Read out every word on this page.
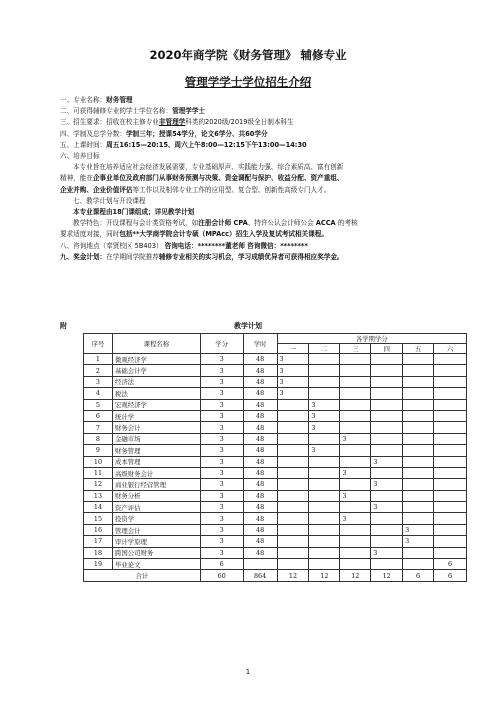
2020年商学院《财务管理》 辅修专业
管理学学士学位招生介绍
一、专业名称：财务管理
二、可获得辅修专业的学士学位名称：管理学学士
三、招生要求：招收在校主修专业非管理学科类的2020级/2019级全日制本科生
四、学制及总学分数：学制三年；授课54学分，论文6学分、共60学分
五、上课时间：周五16:15—20:15、周六上午8:00—12:15下午13:00—14:30
六、培养目标
本专业旨在培养适应社会经济发展需要，专业基础厚声、实践能力强、综合素质高、富有创新
精神，能在企事业单位及政府部门从事财务预测与决策、资金调配与保护、收益分配、资产重组、
企业并购、企业价值评估等工作以及相邻专业工作的应用型、复合型、创新性高级专门人才。
七、教学计划与开设课程
本专业课程由18门课组成；详见教学计划
教学特色：开设课程与会计类资格考试，如注册会计师 CPA、特许公认会计师公会 ACCA 的考核
要求适度对接，同时包括**大学商学院会计专硕（MPAcc）招生入学及复试考试相关课程。
八、咨询地点（奉贤校区 5B403） 咨询电话：********董老师 咨询微信：********
九、奖金计划：在学期间学院推荐辅修专业相关的实习机会，学习成绩优异者可获得相应奖学金。
附	教学计划
序号	课程名称	学分	学时	各学期学分					
				一	二	三	四	五	六
1	微观经济学	3	48	3					
2	基础会计学	3	48	3					
3	经济法	3	48	3					
4	税法	3	48	3					
5	宏观经济学	3	48		3				
6	统计学	3	48		3				
7	财务会计	3	48		3				
8	金融市场	3	48			3			
9	财务管理	3	48		3				
10	成本管理	3	48				3		
11	高级财务会计	3	48			3			
12	商业银行经营管理	3	48				3		
13	财务分析	3	48			3			
14	资产评估	3	48				3		
15	投资学	3	48			3			
16	管理会计	3	48					3	
17	审计学原理	3	48					3	
18	跨国公司财务	3	48				3		
19	毕业论文	6							6
合计		60	864	12	12	12	12	6	6
1
